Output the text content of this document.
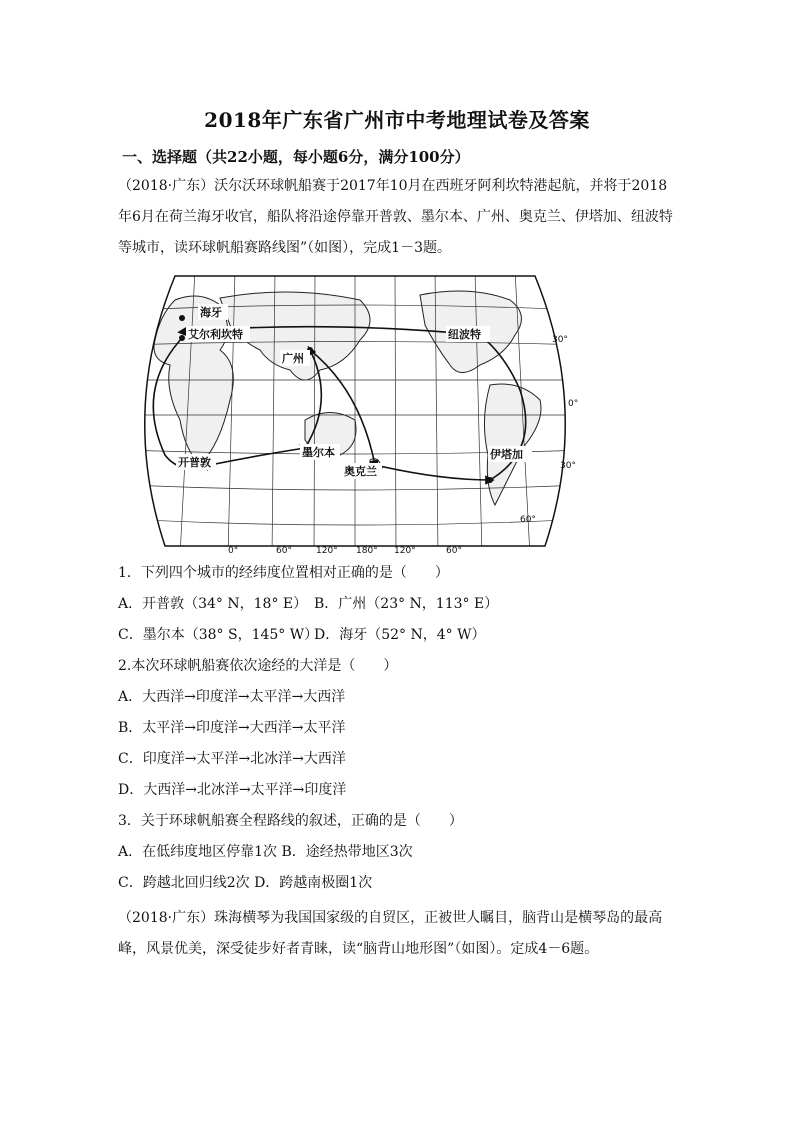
2018年广东省广州市中考地理试卷及答案
一、选择题（共22小题，每小题6分，满分100分）
（2018·广东）沃尔沃环球帆船赛于2017年10月在西班牙阿利坎特港起航，并将于2018年6月在荷兰海牙收官，船队将沿途停靠开普敦、墨尔本、广州、奥克兰、伊塔加、纽波特等城市，读环球帆船赛路线图”（如图），完成1－3题。
海牙
艾尔利坎特
广州
纽波特
墨尔本
奥克兰
伊塔加
开普敦
30°
0°
30°
60°
0°	60°	120° 180° 120°	60°
1．下列四个城市的经纬度位置相对正确的是（　　）
A．开普敦（34° N，18° E） B．广州（23° N，113° E）
C．墨尔本（38° S，145° W）
D．海牙（52° N，4° W）
2.本次环球帆船赛依次途经的大洋是（　　）
A．大西洋→印度洋→太平洋→大西洋
B．太平洋→印度洋→大西洋→太平洋
C．印度洋→太平洋→北冰洋→大西洋
D．大西洋→北冰洋→太平洋→印度洋
3．关于环球帆船赛全程路线的叙述，正确的是（　　）
A．在低纬度地区停靠1次 B．途经热带地区3次
C．跨越北回归线2次 D．跨越南极圈1次
（2018·广东）珠海横琴为我国国家级的自贸区，正被世人瞩目，脑背山是横琴岛的最高峰，风景优美，深受徒步好者青睐，读“脑背山地形图”（如图）。定成4－6题。
